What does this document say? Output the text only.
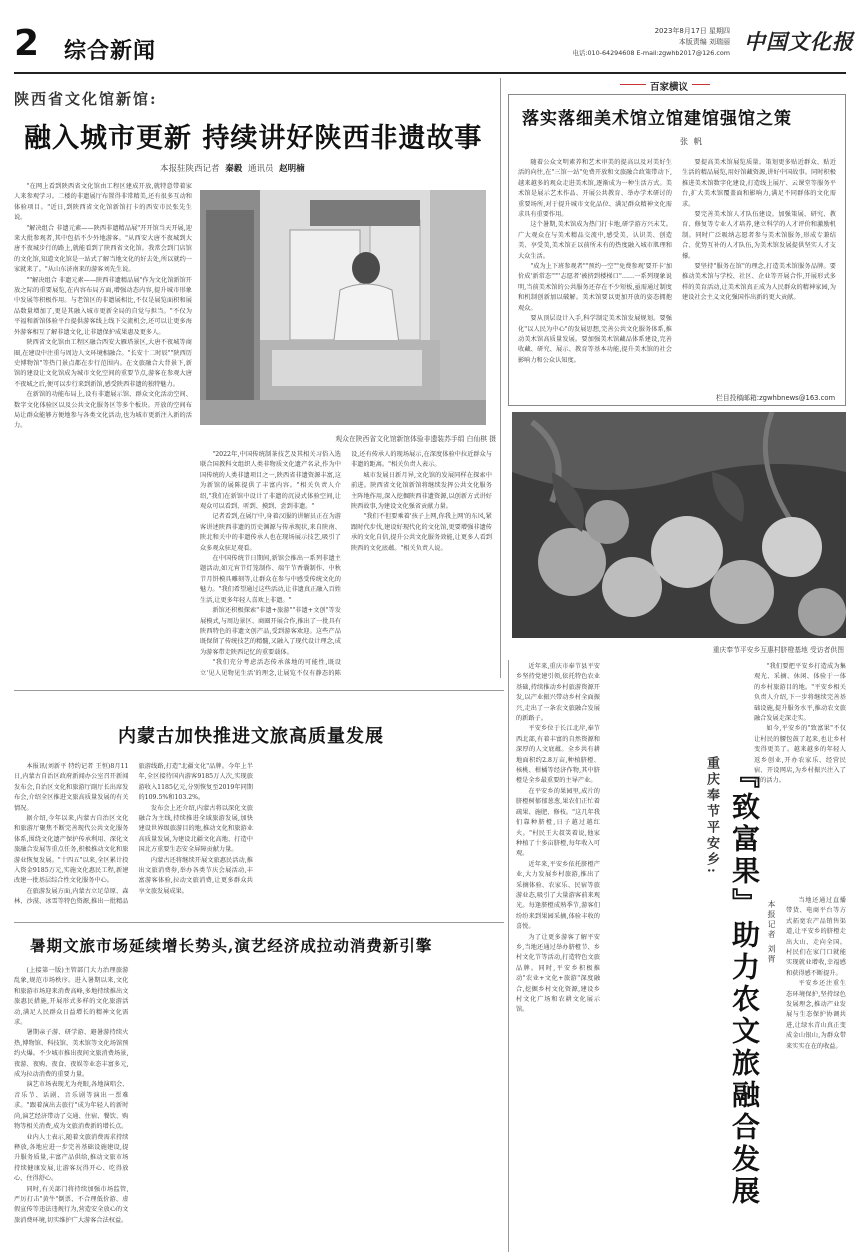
2 综合新闻
2023年8月17日 星期四
本版责编 刘瑞丽
电话:010-64294608 E-mail:zgwhb2017@126.com 中国文化报
陕西省文化馆新馆:
融入城市更新 持续讲好陕西非遗故事
本报驻陕西记者 秦毅 通讯员 赵明楠

"在网上看到陕西省文化馆由工程区建成开放,就特意带着家人来参观学习。二楼的非遗展厅布置得非常精美,还有很多互动和体验项目。"近日,到陕西省文化馆新馆打卡的西安市民张先生说。

"解决组合 非遗元素——陕西非遗精品展"开开馆当天开展,迎来大批参观者,其中包括不少外地游客。"从西安大唐不夜城到大唐不夜城步行的路上,就能看到了陕西省文化馆。我常会到门店馆的文化馆,知道文化馆是一站式了解当地文化的好去处,所以就约一家就来了。"从山东济南来的游客刘先生说。

""解决组合 非遗元素——陕西非遗精品展"作为文化馆新馆开放之际的重要展览,在内容布局方面,增强动态内容,提升城市形象中发展等积极作用。与老馆区的非遗展相比,不仅是展览面积和展品数量增加了,更是其融入城市更新全局的自觉与担当。"不仅为平福和新馆体验平台提供游客线上线下交流机会,还可以让更多海外游客相互了解非遗文化,让非遗保护成果惠及更多人。

陕西省文化馆由工程区融合西安大雁塔景区,大唐不夜城等商圈,在建设中注重与周边人文环境相融合。"长安十二时辰""陕西历史博物馆"等热门景点都在步行范围内。在文旅融合大背景下,新馆的建设让文化馆成为城市文化空间的重要节点,游客在参观大唐不夜城之后,便可以步行来到新馆,感受陕西非遗的独特魅力。

在新馆的功能布局上,设有非遗展示馆、群众文化活动空间、数字文化体验区以及公共文化服务区等多个板块。开放的空间布局让群众能够方便地参与各类文化活动,也为城市更新注入新的活力。

观众在陕西省文化馆新馆体验非遗装苏手绢 白仙棋 摄

"2022年,中国传统制茶技艺及其相关习俗入选联合国教科文组织人类非物质文化遗产名录,作为中国传统的人类非遗项目之一,陕西省非遗资源丰富,这为新馆的展陈提供了丰富内容。"相关负责人介绍,"我们在新馆中设计了非遗的沉浸式体验空间,让观众可以看到、听到、摸到、尝到非遗。"

记者看到,在展厅中,身着汉服的讲解员正在为游客讲述陕西非遗的历史渊源与传承现状,来自陕南、陕北和关中的非遗传承人也在现场展示技艺,吸引了众多观众驻足观看。

在中国传统节日期间,新馆会推出一系列非遗主题活动,如元宵节灯笼制作、端午节香囊制作、中秋节月饼模具雕刻等,让群众在参与中感受传统文化的魅力。"我们希望通过这些活动,让非遗真正融入百姓生活,让更多年轻人喜欢上非遗。"

新馆还积极探索"非遗+旅游""非遗+文创"等发展模式,与周边景区、商圈开展合作,推出了一批具有陕西特色的非遗文创产品,受到游客欢迎。这些产品既保留了传统技艺的精髓,又融入了现代设计理念,成为游客带走陕西记忆的重要载体。

"我们充分考虑活态传承落地的可能性,既设立'见人见物见生活'的理念,让展览不仅有静态的陈设,还有传承人的现场展示,在深度体验中拉近群众与非遗的距离。"相关负责人表示。

城市发展日新月异,文化馆的发展同样在探索中前进。陕西省文化馆新馆将继续发挥公共文化服务主阵地作用,深入挖掘陕西非遗资源,以创新方式讲好陕西故事,为建设文化强省贡献力量。

"我们不但要乘着'孩子上网,你我上网'的东风,紧跟时代步伐,建设好现代化的文化馆,更要增强非遗传承的文化自信,提升公共文化服务效能,让更多人看到陕西的文化底蕴。"相关负责人说。

百家横议
落实落细美术馆立馆建馆强馆之策
张帆

随着公众文明素养和艺术审美的提高以及对美好生活的向往,在"三馆一站"免费开放和文旅融合政策带动下,越来越多的观众走进美术馆,逐渐成为一种生活方式。美术馆是展示艺术作品、开展公共教育、举办学术研讨的重要场所,对于提升城市文化品位、满足群众精神文化需求具有重要作用。

这个暑期,美术馆成为热门打卡地,研学游方兴未艾。广大观众在与美术精品交流中,感受美、认识美、创造美、享受美,美术馆正以前所未有的热度融入城市肌理和大众生活。

"成为上下班参观者""预约一空""免费参观'要开卡'加价成'新常态'""'志愿者'被挤到楼梯口"……一系列现象说明,当前美术馆的公共服务还存在不少短板,亟需通过制度和机制创新加以破解。美术馆要以更加开放的姿态拥抱观众。

要从顶层设计入手,科学制定美术馆发展规划。要强化"以人民为中心"的发展思想,完善公共文化服务体系,推动美术馆高质量发展。要加强美术馆藏品体系建设,完善收藏、研究、展示、教育等基本功能,提升美术馆的社会影响力和公众认知度。

要提高美术馆展览质量。策划更多贴近群众、贴近生活的精品展览,用好馆藏资源,讲好中国故事。同时积极推进美术馆数字化建设,打造线上展厅、云课堂等服务平台,扩大美术馆覆盖面和影响力,满足不同群体的文化需求。

要完善美术馆人才队伍建设。加强策展、研究、教育、修复等专业人才培养,建立科学的人才评价和激励机制。同时广泛吸纳志愿者参与美术馆服务,形成专兼结合、优势互补的人才队伍,为美术馆发展提供坚实人才支撑。

要坚持"服务在馆"的理念,打造美术馆服务品牌。要推动美术馆与学校、社区、企业等开展合作,开展形式多样的美育活动,让美术馆真正成为人民群众的精神家园,为建设社会主义文化强国作出新的更大贡献。

栏目投稿邮箱:zgwhbnews@163.com
重庆奉节平安乡互惠村脐橙基地 受访者供图
内蒙古加快推进文旅高质量发展

本报讯(刘新平 特约记者 王恒)8月11日,内蒙古自治区政府新闻办公室召开新闻发布会,自治区文化和旅游厅副厅长出席发布会,介绍全区推进文旅高质量发展的有关情况。

据介绍,今年以来,内蒙古自治区文化和旅游厅聚焦不断完善现代公共文化服务体系,围绕文化遗产保护传承利用、深化文旅融合发展等重点任务,积极推动文化和旅游业恢复发展。"十四五"以来,全区累计投入资金9185万元,实施文化惠民工程,新建改建一批基层综合性文化服务中心。

在旅游发展方面,内蒙古立足草原、森林、沙漠、冰雪等特色资源,推出一批精品旅游线路,打造"北疆文化"品牌。今年上半年,全区接待国内游客9185万人次,实现旅游收入1185亿元,分别恢复至2019年同期的109.5%和103.2%。

发布会上还介绍,内蒙古将以深化文旅融合为主线,持续推进全域旅游发展,加快建设世界级旅游目的地,推动文化和旅游业高质量发展,为建设北疆文化高地、打造中国北方重要生态安全屏障贡献力量。

内蒙古还将继续开展文旅惠民活动,推出文旅消费券,举办各类节庆会展活动,丰富游客体验,拉动文旅消费,让更多群众共享文旅发展成果。

暑期文旅市场延续增长势头,演艺经济成拉动消费新引擎

(上接第一版)主管部门大力治理旅游乱象,规范市场秩序。进入暑期以来,文化和旅游市场迎来消费高峰,多地持续推出文旅惠民措施,开展形式多样的文化旅游活动,满足人民群众日益增长的精神文化需求。

暑期亲子游、研学游、避暑游持续火热,博物馆、科技馆、美术馆等文化场馆预约火爆。不少城市推出夜间文旅消费场景,夜游、夜购、夜食、夜娱等业态丰富多元,成为拉动消费的重要力量。

演艺市场表现尤为亮眼,各地演唱会、音乐节、话剧、音乐剧等演出一票难求。"跟着演出去旅行"成为年轻人的新时尚,演艺经济带动了交通、住宿、餐饮、购物等相关消费,成为文旅消费新的增长点。

业内人士表示,随着文旅消费需求持续释放,各地应进一步完善基础设施建设,提升服务质量,丰富产品供给,推动文旅市场持续健康发展,让游客玩得开心、吃得放心、住得舒心。

同时,有关部门将持续加强市场监管,严厉打击"黄牛"倒票、不合理低价游、虚假宣传等违法违规行为,营造安全放心的文旅消费环境,切实维护广大游客合法权益。

近年来,重庆市奉节县平安乡坚持党建引领,依托特色农业基础,持续推动乡村旅游资源开发,以产业振兴带动乡村全面振兴,走出了一条农文旅融合发展的新路子。

平安乡位于长江北岸,奉节西北部,有着丰富的自然资源和深厚的人文底蕴。全乡共有耕地面积约2.8万亩,种植脐橙、核桃、柑橘等经济作物,其中脐橙是全乡最重要的主导产业。

在平安乡的果园里,成片的脐橙树郁郁葱葱,果农们正忙着疏果、施肥、修枝。"这几年我们靠种脐橙,日子越过越红火。"村民王大叔笑着说,他家种植了十多亩脐橙,每年收入可观。

近年来,平安乡依托脐橙产业,大力发展乡村旅游,推出了采摘体验、农家乐、民宿等旅游业态,吸引了大量游客前来观光。每逢脐橙成熟季节,游客们纷纷来到果园采摘,体验丰收的喜悦。

为了让更多游客了解平安乡,当地还通过举办脐橙节、乡村文化节等活动,打造特色文旅品牌。同时,平安乡积极推动"农业+文化+旅游"深度融合,挖掘乡村文化资源,建设乡村文化广场和农耕文化展示馆。

重庆奉节平安乡: 『致富果』助力农文旅融合发展 本报记者 刘胥

"我们要把平安乡打造成为集观光、采摘、休闲、体验于一体的乡村旅游目的地。"平安乡相关负责人介绍,下一步将继续完善基础设施,提升服务水平,推动农文旅融合发展走深走实。

如今,平安乡的"致富果"不仅让村民的腰包鼓了起来,也让乡村变得更美了。越来越多的年轻人返乡创业,开办农家乐、经营民宿、开设网店,为乡村振兴注入了新的活力。

当地还通过直播带货、电商平台等方式拓宽农产品销售渠道,让平安乡的脐橙走出大山、走向全国。村民们在家门口就能实现就业增收,幸福感和获得感不断提升。

平安乡还注重生态环境保护,坚持绿色发展理念,推动产业发展与生态保护协调共进,让绿水青山真正变成金山银山,为群众带来实实在在的收益。
